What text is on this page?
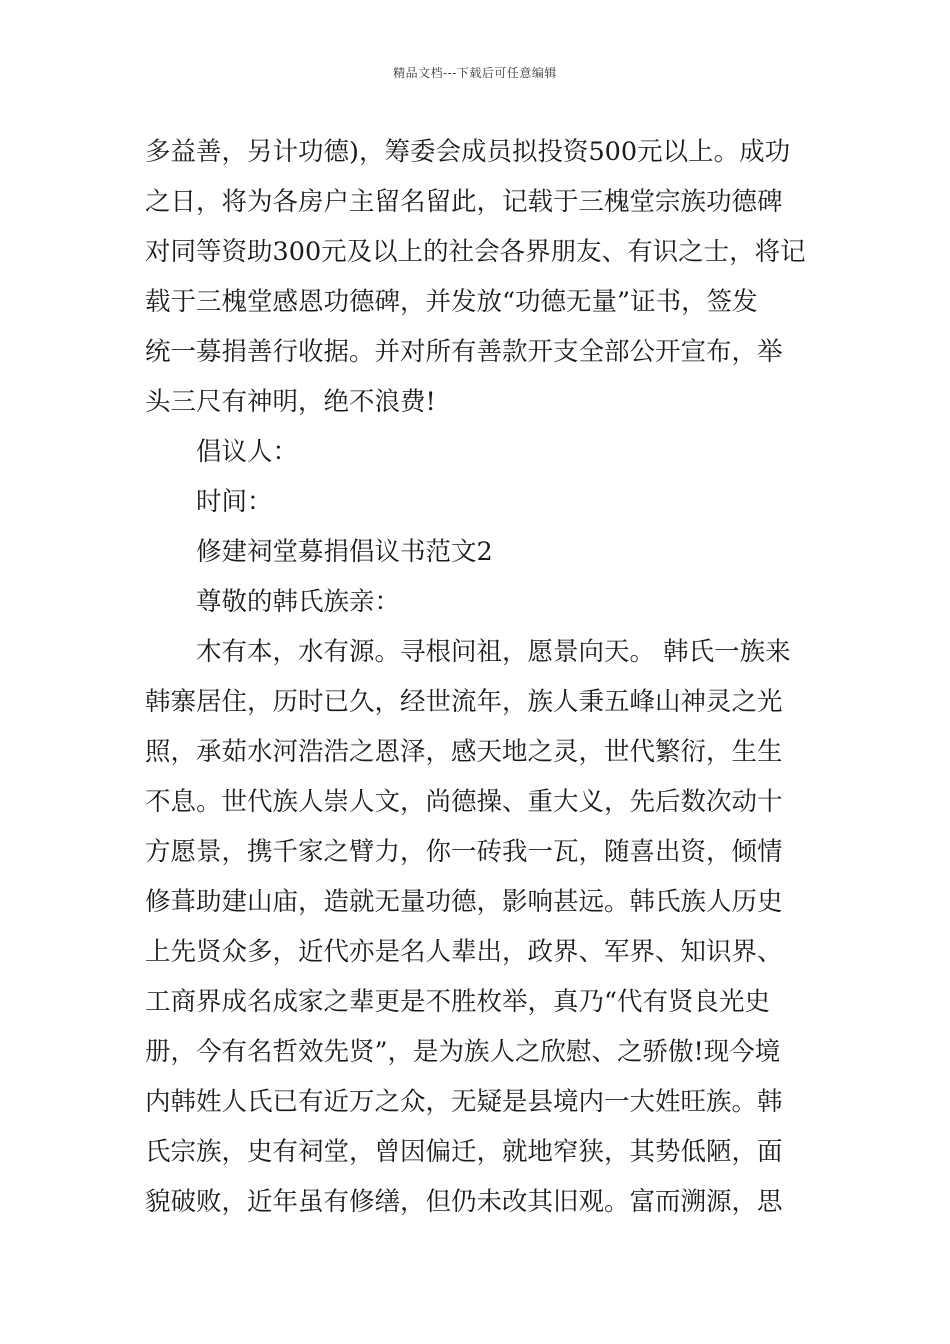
精品文档---下载后可任意编辑
多益善，另计功德)，筹委会成员拟投资500元以上。成功
之日，将为各房户主留名留此，记载于三槐堂宗族功德碑
对同等资助300元及以上的社会各界朋友、有识之士，将记
载于三槐堂感恩功德碑，并发放“功德无量”证书，签发
统一募捐善行收据。并对所有善款开支全部公开宣布，举
头三尺有神明，绝不浪费!
倡议人：
时间：
修建祠堂募捐倡议书范文2
尊敬的韩氏族亲：
木有本，水有源。寻根问祖，愿景向天。 韩氏一族来
韩寨居住，历时已久，经世流年，族人秉五峰山神灵之光
照，承茹水河浩浩之恩泽，感天地之灵，世代繁衍，生生
不息。世代族人崇人文，尚德操、重大义，先后数次动十
方愿景，携千家之臂力，你一砖我一瓦，随喜出资，倾情
修葺助建山庙，造就无量功德，影响甚远。韩氏族人历史
上先贤众多，近代亦是名人辈出，政界、军界、知识界、
工商界成名成家之辈更是不胜枚举，真乃“代有贤良光史
册，今有名哲效先贤”，是为族人之欣慰、之骄傲!现今境
内韩姓人氏已有近万之众，无疑是县境内一大姓旺族。韩
氏宗族，史有祠堂，曾因偏迁，就地窄狭，其势低陋，面
貌破败，近年虽有修缮，但仍未改其旧观。富而溯源，思
